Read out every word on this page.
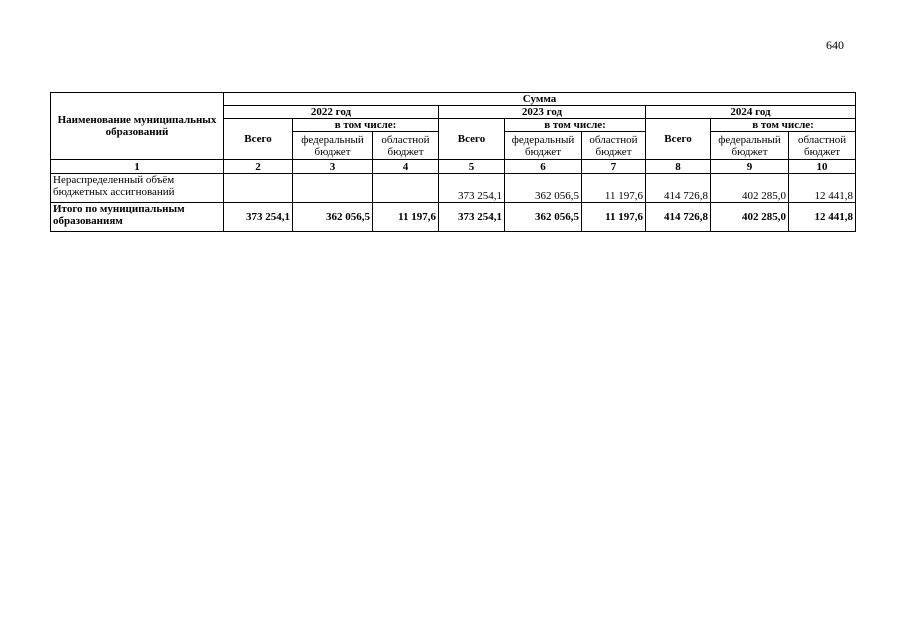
640
Наименование муниципальных образований	Сумма								
	2022 год			2023 год			2024 год		
	Всего	в том числе:		Всего	в том числе:		Всего	в том числе:	
		федеральный бюджет	областной бюджет		федеральный бюджет	областной бюджет		федеральный бюджет	областной бюджет
1	2	3	4	5	6	7	8	9	10
Нераспределенный объём бюджетных ассигнований				373 254,1	362 056,5	11 197,6	414 726,8	402 285,0	12 441,8
Итого по муниципальным образованиям	373 254,1	362 056,5	11 197,6	373 254,1	362 056,5	11 197,6	414 726,8	402 285,0	12 441,8
